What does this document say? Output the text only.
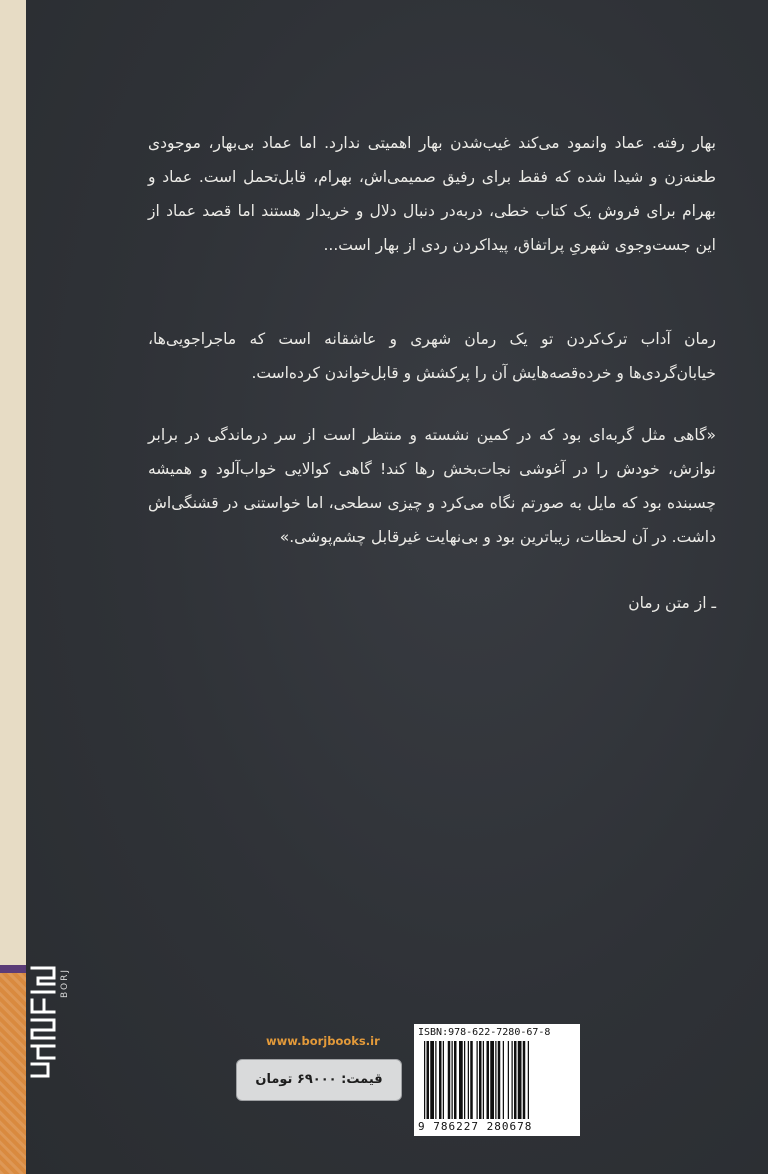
بهار رفته. عماد وانمود می‌کند غیب‌شدن بهار اهمیتی ندارد. اما عماد بی‌بهار، موجودی طعنه‌زن و شیدا شده که فقط برای رفیق صمیمی‌اش، بهرام، قابل‌تحمل است. عماد و بهرام برای فروش یک کتاب خطی، دربه‌در دنبال دلال و خریدار هستند اما قصد عماد از این جست‌وجوی شهریِ پراتفاق، پیداکردن ردی از بهار است...

رمان آداب ترک‌کردن تو یک رمان شهری و عاشقانه است که ماجراجویی‌ها، خیابان‌گردی‌ها و خرده‌قصه‌هایش آن را پرکشش و قابل‌خواندن کرده‌است.

«گاهی مثل گربه‌ای بود که در کمین نشسته و منتظر است از سر درماندگی در برابر نوازش، خودش را در آغوشی نجات‌بخش رها کند! گاهی کوالایی خواب‌آلود و همیشه چسبنده بود که مایل به صورتم نگاه می‌کرد و چیزی سطحی، اما خواستنی در قشنگی‌اش داشت. در آن لحظات، زیباترین بود و بی‌نهایت غیرقابل چشم‌پوشی.»

ـ از متن رمان

BORJ
www.borjbooks.ir
قیمت: ۶۹۰۰۰ تومان
ISBN:978-622-7280-67-8
9 786227 280678
